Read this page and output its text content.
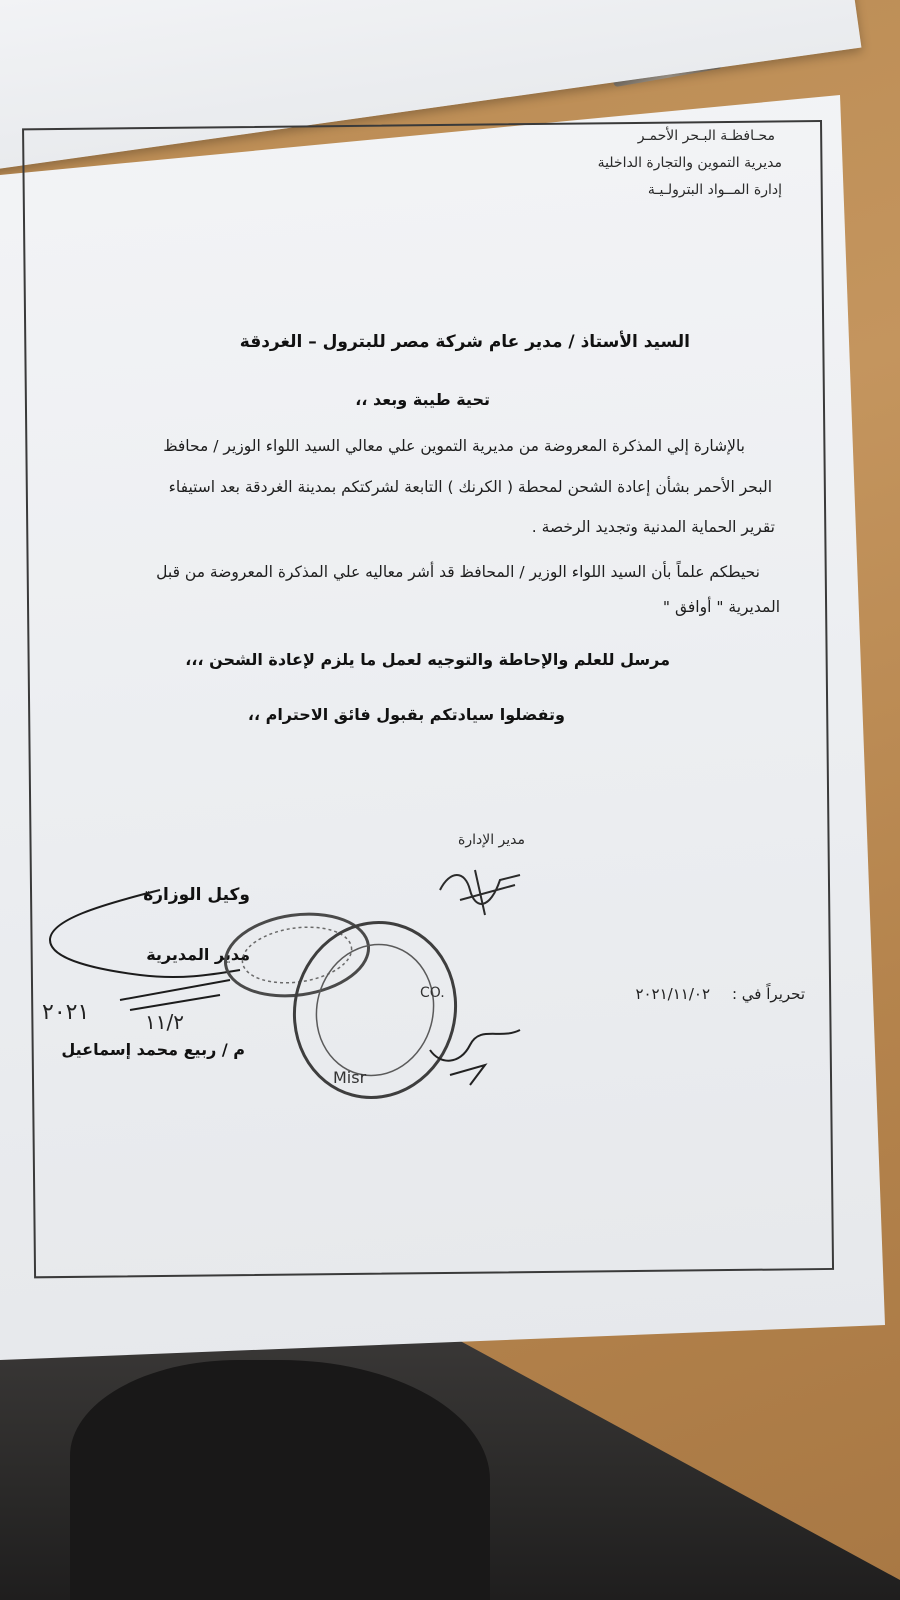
محـافظـة البـحر الأحمـر
مديرية التموين والتجارة الداخلية
إدارة المــواد البترولـيـة
السيد الأستاذ / مدير عام شركة مصر للبترول – الغردقة
تحية طيبة وبعد ،،
بالإشارة إلي المذكرة المعروضة من مديرية التموين علي معالي السيد اللواء الوزير / محافظ
البحر الأحمر بشأن إعادة الشحن لمحطة ( الكرنك ) التابعة لشركتكم بمدينة الغردقة بعد استيفاء
تقرير الحماية المدنية وتجديد الرخصة .
نحيطكم علماً بأن السيد اللواء الوزير / المحافظ قد أشر معاليه علي المذكرة المعروضة من قبل
المديرية " أوافق "
مرسل للعلم والإحاطة والتوجيه لعمل ما يلزم لإعادة الشحن ،،،
وتفضلوا سيادتكم بقبول فائق الاحترام ،،
مدير الإدارة
تحريراً في :
٢٠٢١/١١/٠٢
وكيل الوزارة
مدير المديرية
م / ربيع محمد إسماعيل
٢٠٢١	١١/٢
Misr
CO.
